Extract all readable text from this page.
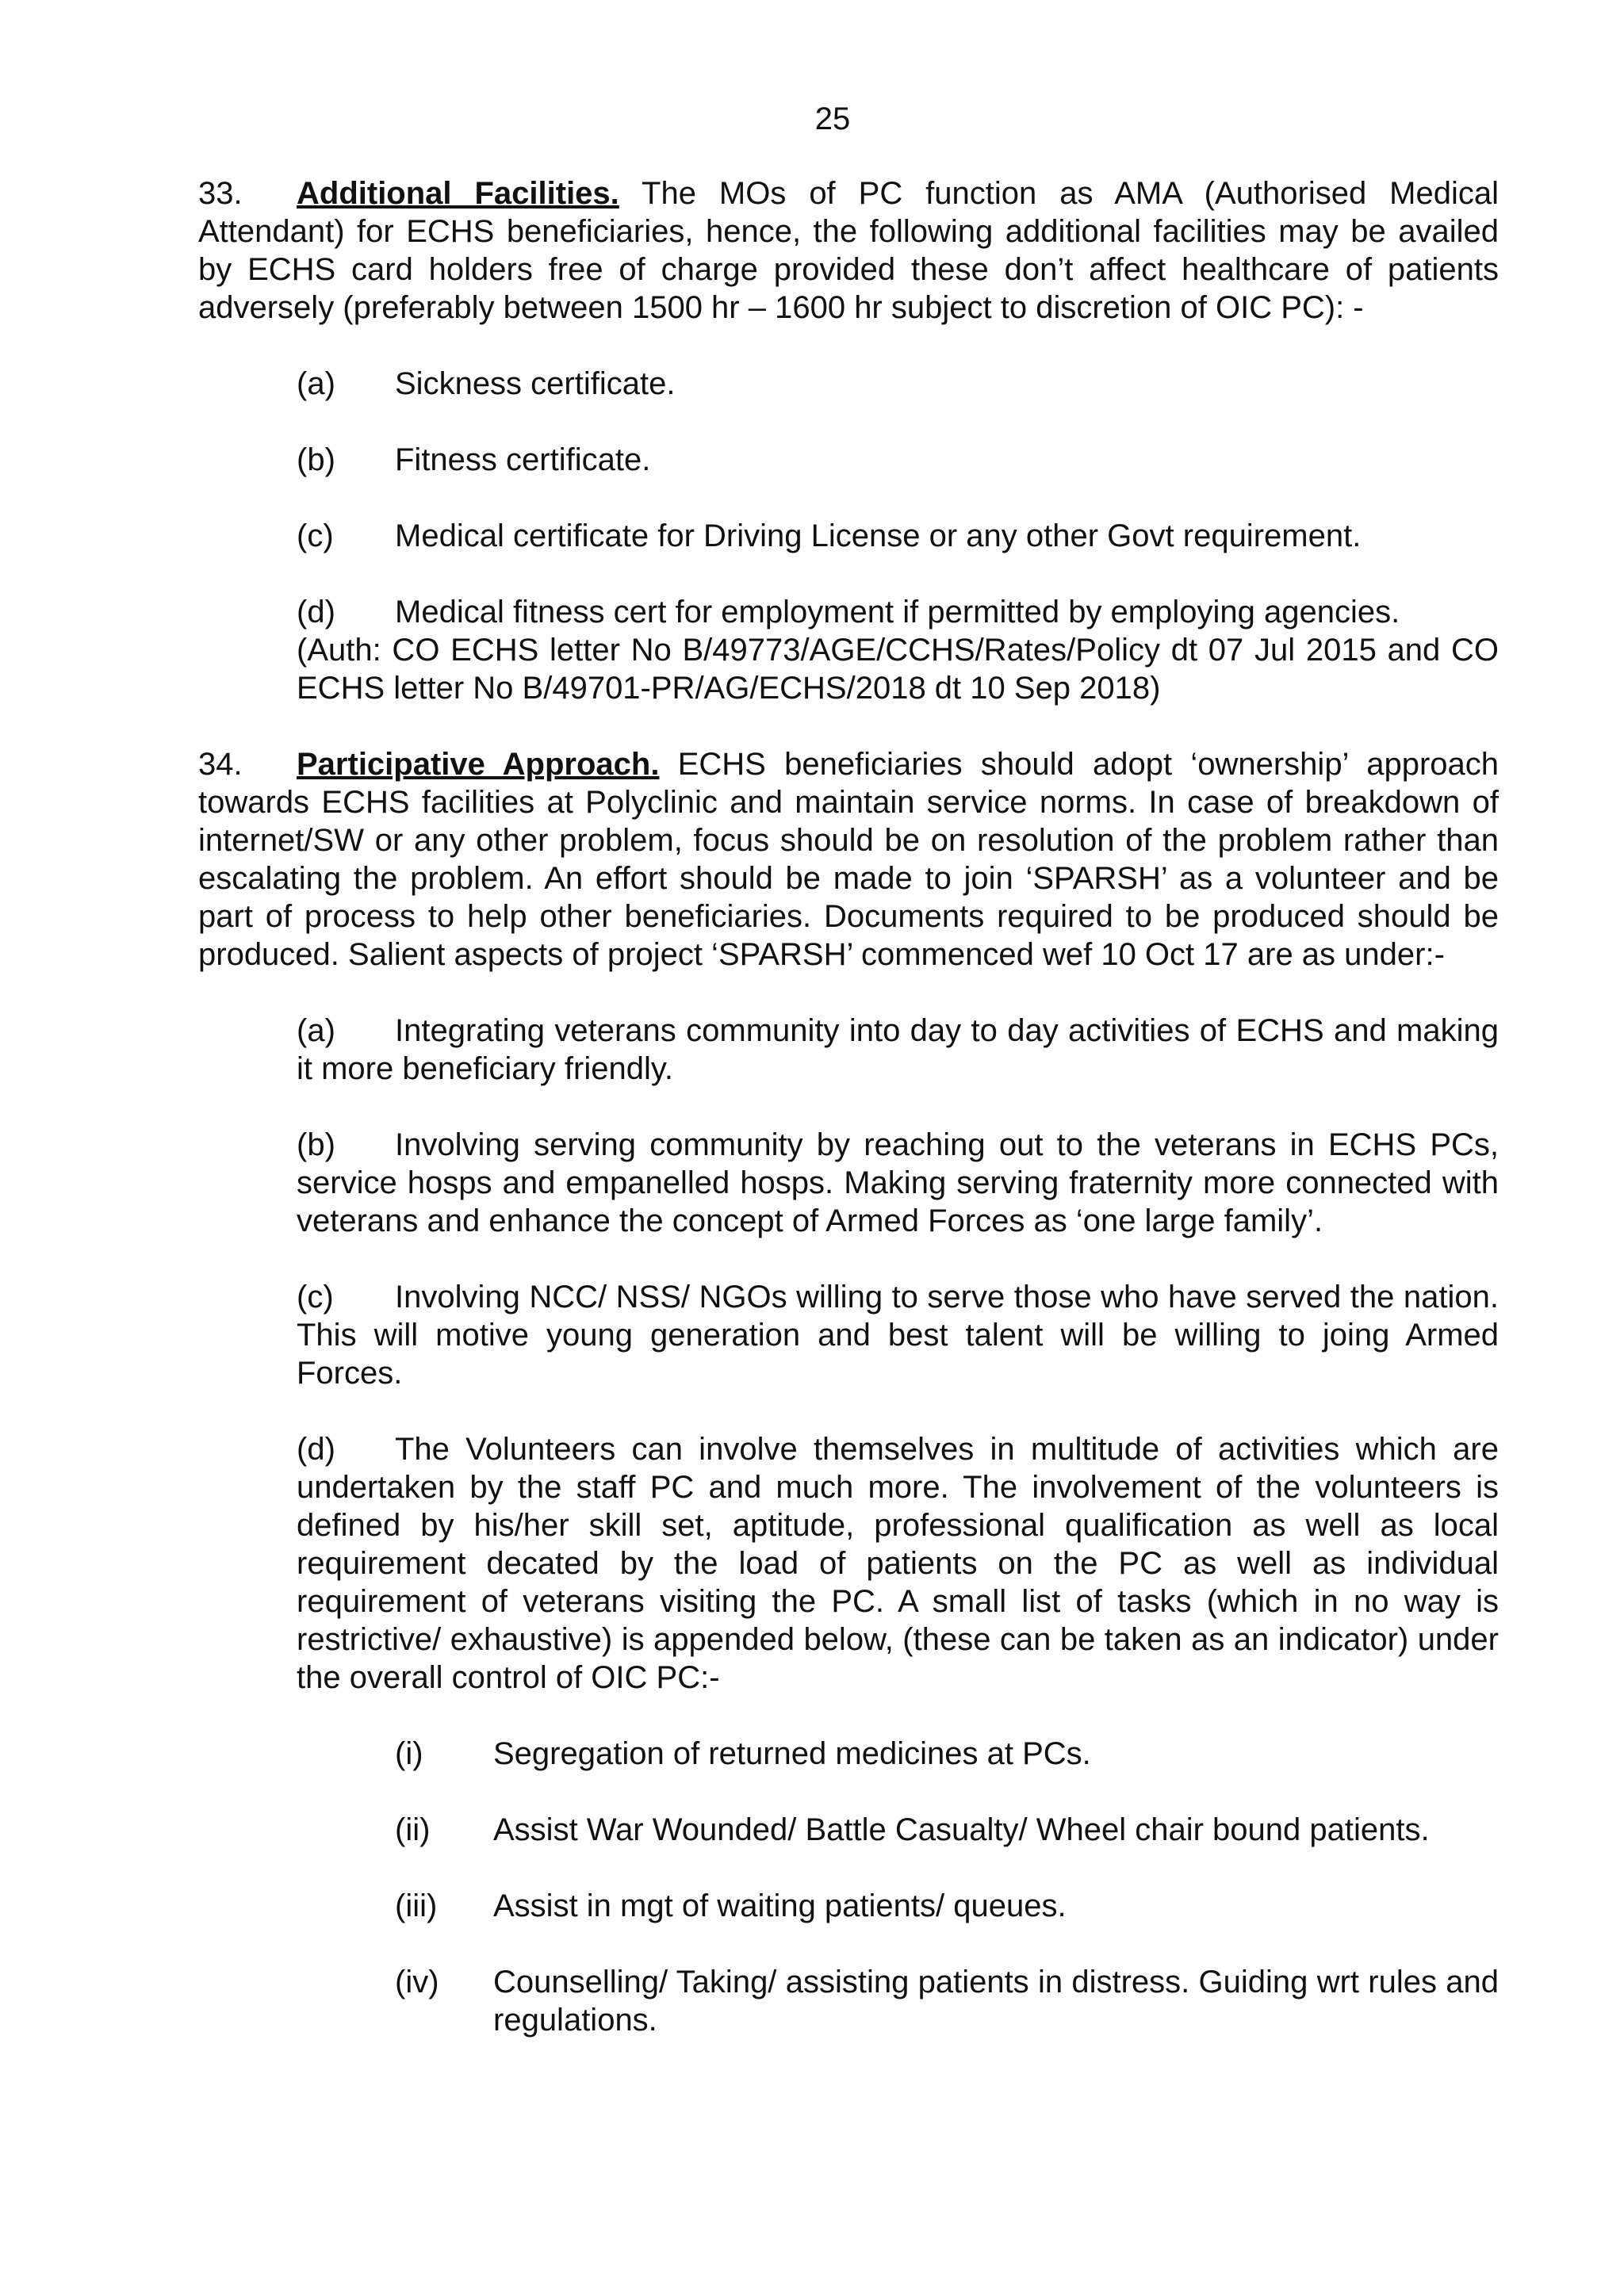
25

33. Additional Facilities. The MOs of PC function as AMA (Authorised Medical Attendant) for ECHS beneficiaries, hence, the following additional facilities may be availed by ECHS card holders free of charge provided these don’t affect healthcare of patients adversely (preferably between 1500 hr – 1600 hr subject to discretion of OIC PC): -

(a) Sickness certificate.
(b) Fitness certificate.
(c) Medical certificate for Driving License or any other Govt requirement.
(d) Medical fitness cert for employment if permitted by employing agencies.
(Auth: CO ECHS letter No B/49773/AGE/CCHS/Rates/Policy dt 07 Jul 2015 and CO ECHS letter No B/49701-PR/AG/ECHS/2018 dt 10 Sep 2018)

34. Participative Approach. ECHS beneficiaries should adopt ‘ownership’ approach towards ECHS facilities at Polyclinic and maintain service norms. In case of breakdown of internet/SW or any other problem, focus should be on resolution of the problem rather than escalating the problem. An effort should be made to join ‘SPARSH’ as a volunteer and be part of process to help other beneficiaries. Documents required to be produced should be produced. Salient aspects of project ‘SPARSH’ commenced wef 10 Oct 17 are as under:-

(a) Integrating veterans community into day to day activities of ECHS and making it more beneficiary friendly.
(b) Involving serving community by reaching out to the veterans in ECHS PCs, service hosps and empanelled hosps. Making serving fraternity more connected with veterans and enhance the concept of Armed Forces as ‘one large family’.
(c) Involving NCC/ NSS/ NGOs willing to serve those who have served the nation. This will motive young generation and best talent will be willing to joing Armed Forces.
(d) The Volunteers can involve themselves in multitude of activities which are undertaken by the staff PC and much more. The involvement of the volunteers is defined by his/her skill set, aptitude, professional qualification as well as local requirement decated by the load of patients on the PC as well as individual requirement of veterans visiting the PC. A small list of tasks (which in no way is restrictive/ exhaustive) is appended below, (these can be taken as an indicator) under the overall control of OIC PC:-
(i) Segregation of returned medicines at PCs.
(ii) Assist War Wounded/ Battle Casualty/ Wheel chair bound patients.
(iii) Assist in mgt of waiting patients/ queues.
(iv) Counselling/ Taking/ assisting patients in distress. Guiding wrt rules and regulations.
